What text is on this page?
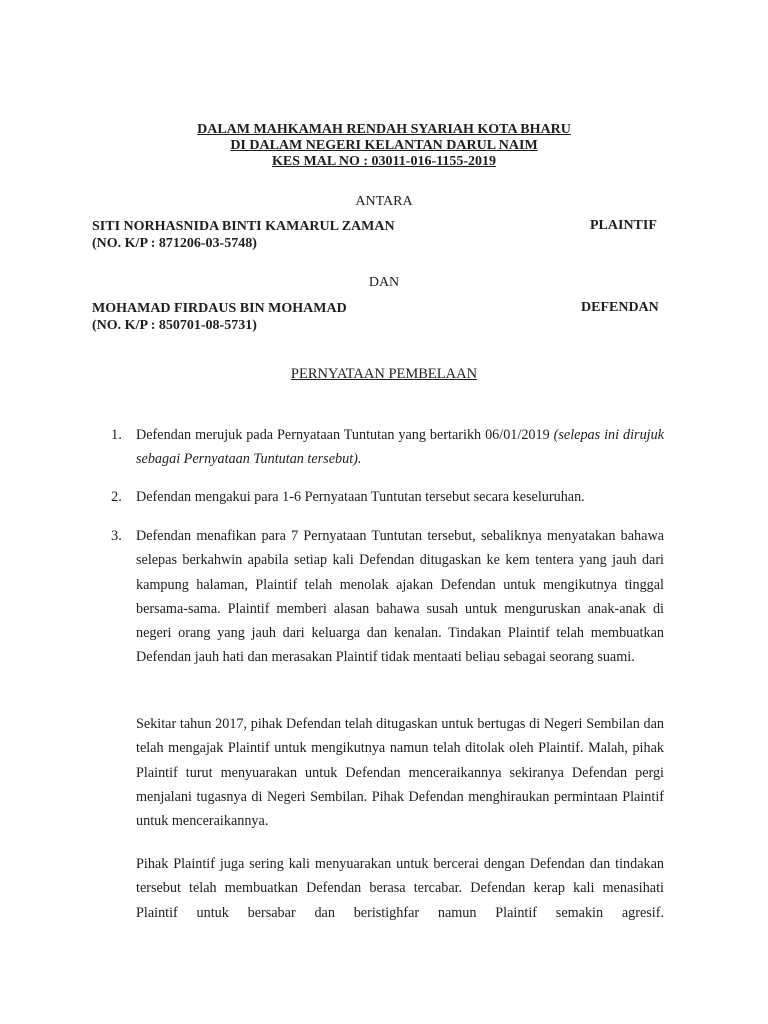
DALAM MAHKAMAH RENDAH SYARIAH KOTA BHARU
DI DALAM NEGERI KELANTAN DARUL NAIM
KES MAL NO : 03011-016-1155-2019
ANTARA
SITI NORHASNIDA BINTI KAMARUL ZAMAN
(NO. K/P : 871206-03-5748)
PLAINTIF
DAN
MOHAMAD FIRDAUS BIN MOHAMAD
(NO. K/P : 850701-08-5731)
DEFENDAN
PERNYATAAN PEMBELAAN
1. Defendan merujuk pada Pernyataan Tuntutan yang bertarikh 06/01/2019 (selepas ini dirujuk sebagai Pernyataan Tuntutan tersebut).
2. Defendan mengakui para 1-6 Pernyataan Tuntutan tersebut secara keseluruhan.
3. Defendan menafikan para 7 Pernyataan Tuntutan tersebut, sebaliknya menyatakan bahawa selepas berkahwin apabila setiap kali Defendan ditugaskan ke kem tentera yang jauh dari kampung halaman, Plaintif telah menolak ajakan Defendan untuk mengikutnya tinggal bersama-sama. Plaintif memberi alasan bahawa susah untuk menguruskan anak-anak di negeri orang yang jauh dari keluarga dan kenalan. Tindakan Plaintif telah membuatkan Defendan jauh hati dan merasakan Plaintif tidak mentaati beliau sebagai seorang suami.
Sekitar tahun 2017, pihak Defendan telah ditugaskan untuk bertugas di Negeri Sembilan dan telah mengajak Plaintif untuk mengikutnya namun telah ditolak oleh Plaintif. Malah, pihak Plaintif turut menyuarakan untuk Defendan menceraikannya sekiranya Defendan pergi menjalani tugasnya di Negeri Sembilan. Pihak Defendan menghiraukan permintaan Plaintif untuk menceraikannya.
Pihak Plaintif juga sering kali menyuarakan untuk bercerai dengan Defendan dan tindakan tersebut telah membuatkan Defendan berasa tercabar. Defendan kerap kali menasihati Plaintif untuk bersabar dan beristighfar namun Plaintif semakin agresif.
